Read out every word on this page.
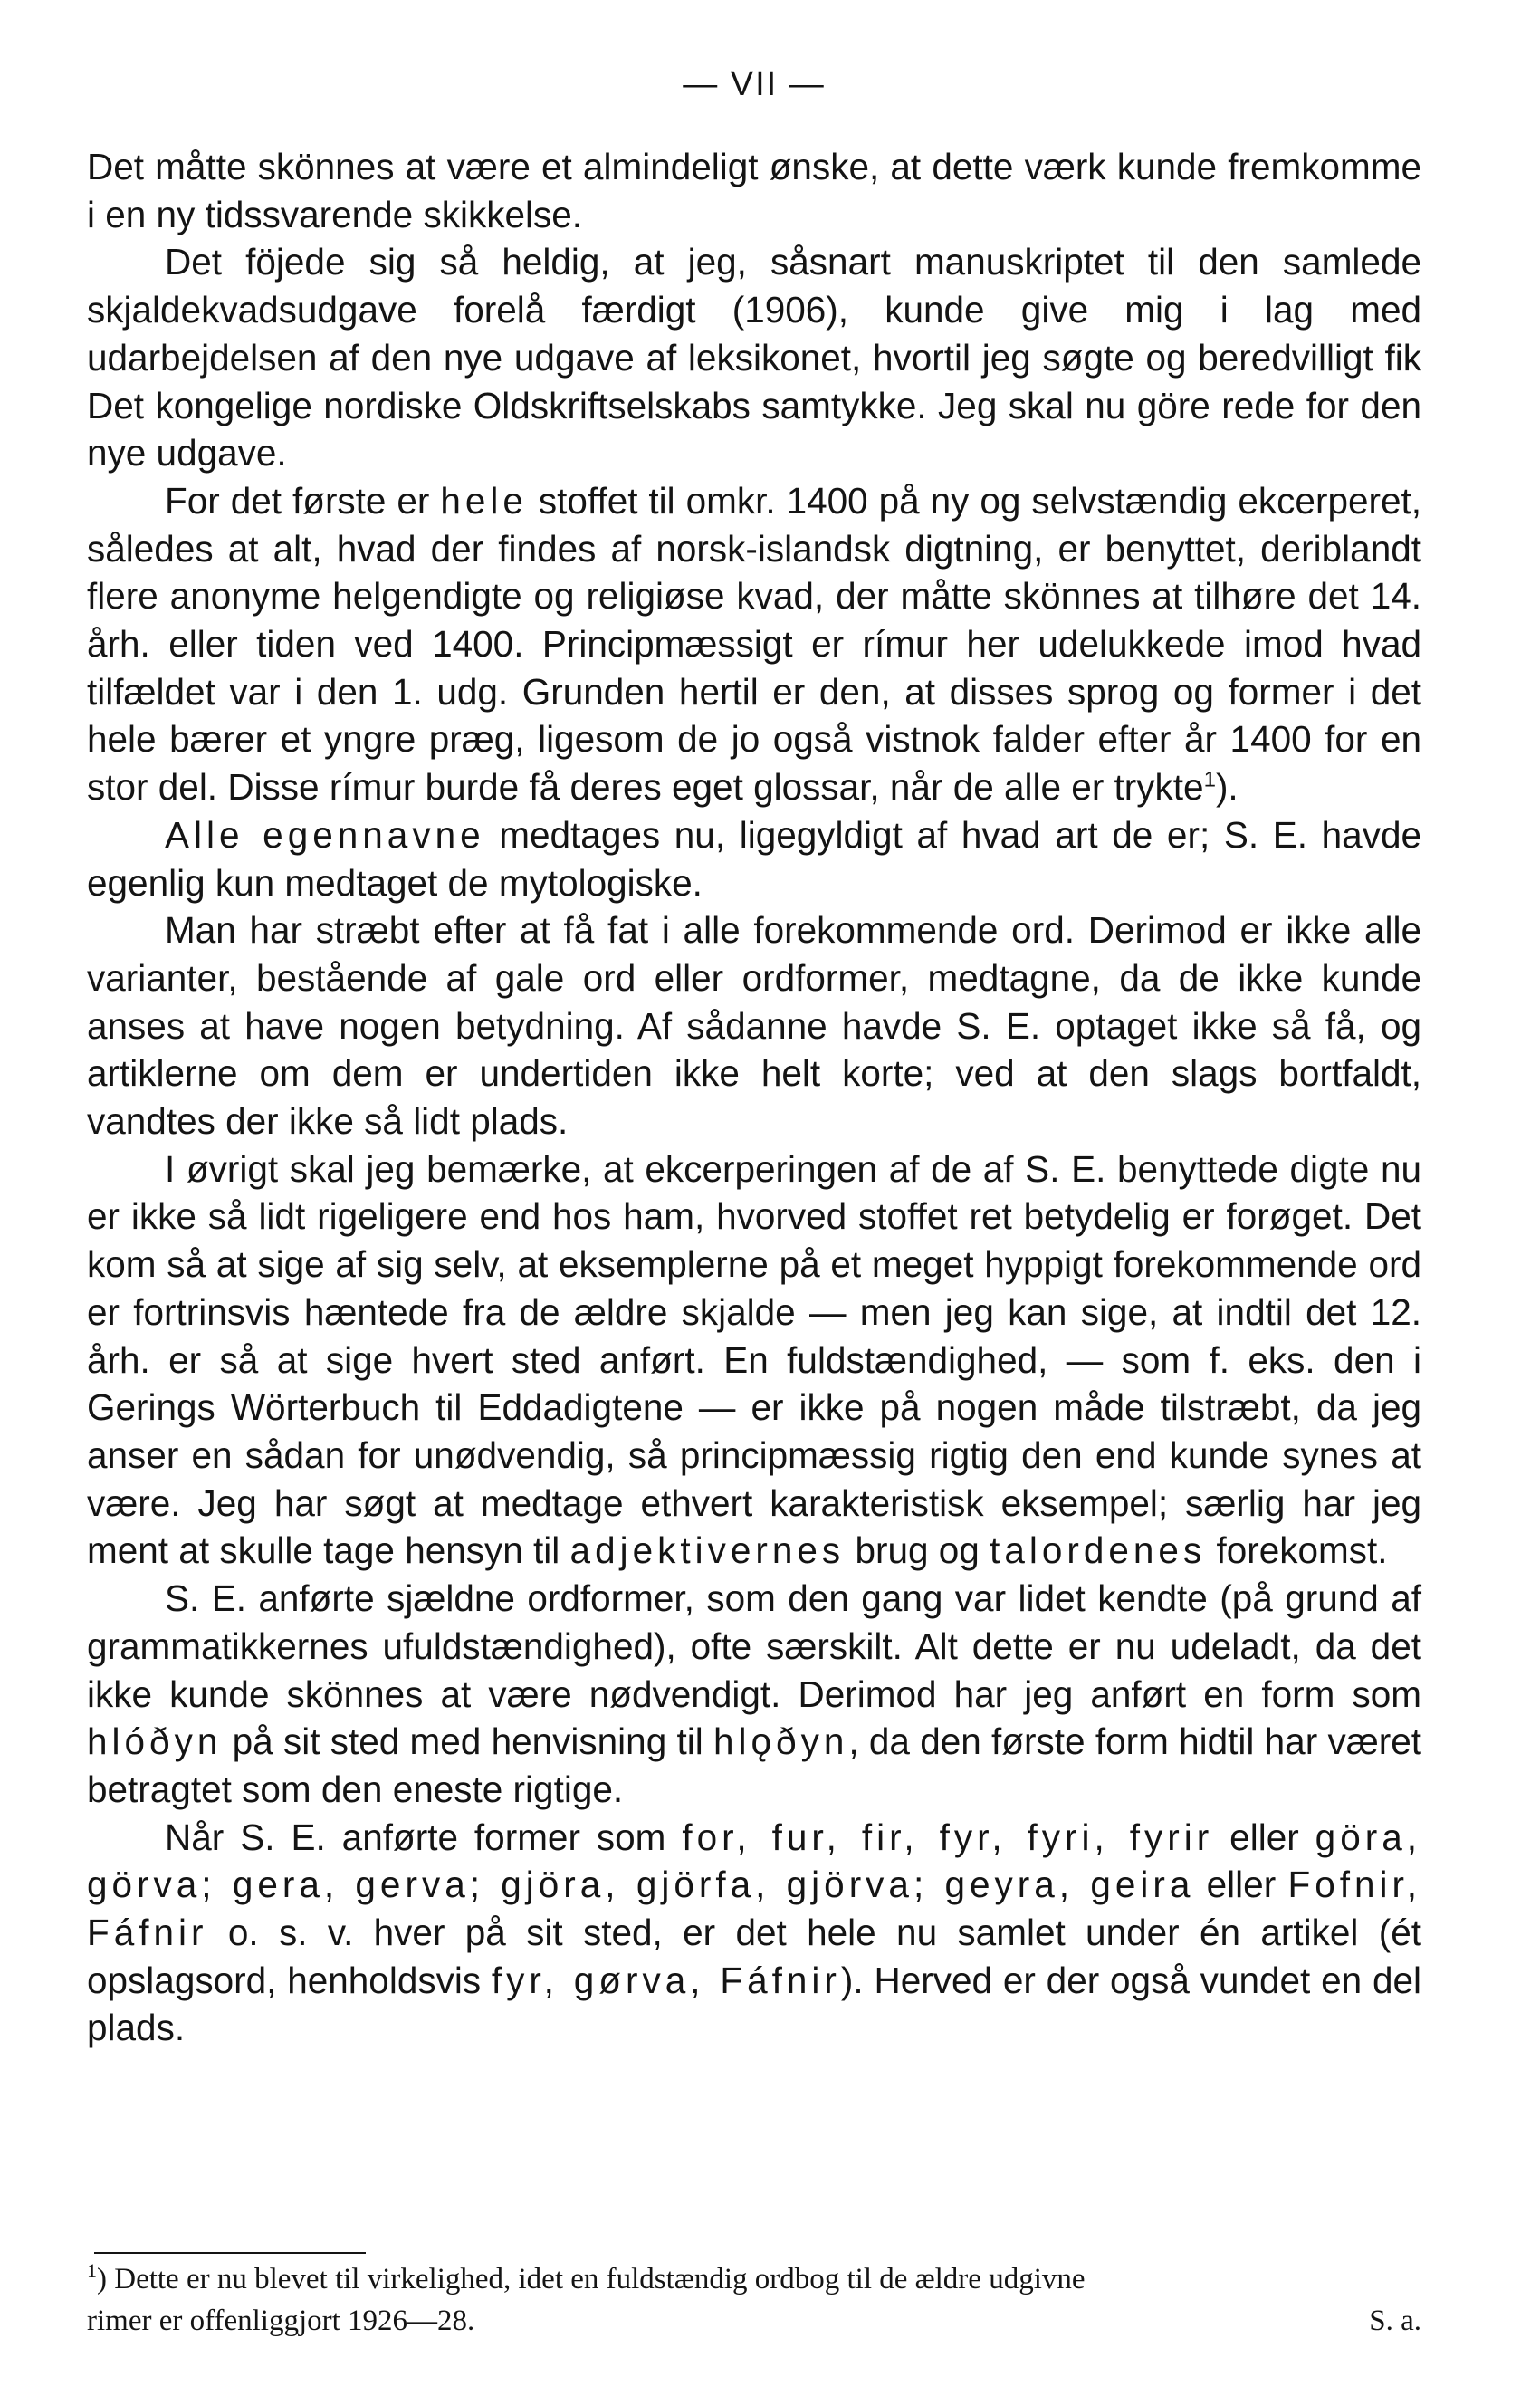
— VII —

Det måtte skönnes at være et almindeligt ønske, at dette værk kunde fremkomme i en ny tidssvarende skikkelse.

Det föjede sig så heldig, at jeg, såsnart manuskriptet til den samlede skjaldekvadsudgave forelå færdigt (1906), kunde give mig i lag med udarbejdelsen af den nye udgave af leksikonet, hvortil jeg søgte og beredvilligt fik Det kongelige nordiske Oldskriftselskabs samtykke. Jeg skal nu göre rede for den nye udgave.

For det første er hele stoffet til omkr. 1400 på ny og selvstændig ekcerperet, således at alt, hvad der findes af norsk-islandsk digtning, er benyttet, deriblandt flere anonyme helgendigte og religiøse kvad, der måtte skönnes at tilhøre det 14. årh. eller tiden ved 1400. Principmæssigt er rímur her udelukkede imod hvad tilfældet var i den 1. udg. Grunden hertil er den, at disses sprog og former i det hele bærer et yngre præg, ligesom de jo også vistnok falder efter år 1400 for en stor del. Disse rímur burde få deres eget glossar, når de alle er trykte$^1$).

Alle egennavne medtages nu, ligegyldigt af hvad art de er; S. E. havde egenlig kun medtaget de mytologiske.

Man har stræbt efter at få fat i alle forekommende ord. Derimod er ikke alle varianter, bestående af gale ord eller ordformer, medtagne, da de ikke kunde anses at have nogen betydning. Af sådanne havde S. E. optaget ikke så få, og artiklerne om dem er undertiden ikke helt korte; ved at den slags bortfaldt, vandtes der ikke så lidt plads.

I øvrigt skal jeg bemærke, at ekcerperingen af de af S. E. benyttede digte nu er ikke så lidt rigeligere end hos ham, hvorved stoffet ret betydelig er forøget. Det kom så at sige af sig selv, at eksemplerne på et meget hyppigt forekommende ord er fortrinsvis hæntede fra de ældre skjalde — men jeg kan sige, at indtil det 12. årh. er så at sige hvert sted anført. En fuldstændighed, — som f. eks. den i Gerings Wörterbuch til Eddadigtene — er ikke på nogen måde tilstræbt, da jeg anser en sådan for unødvendig, så principmæssig rigtig den end kunde synes at være. Jeg har søgt at medtage ethvert karakteristisk eksempel; særlig har jeg ment at skulle tage hensyn til adjektivernes brug og talordenes forekomst.

S. E. anførte sjældne ordformer, som den gang var lidet kendte (på grund af grammatikkernes ufuldstændighed), ofte særskilt. Alt dette er nu udeladt, da det ikke kunde skönnes at være nødvendigt. Derimod har jeg anført en form som hlóðyn på sit sted med henvisning til hlǫðyn, da den første form hidtil har været betragtet som den eneste rigtige.

Når S. E. anførte former som for, fur, fir, fyr, fyri, fyrir eller göra, görva; gera, gerva; gjöra, gjörfa, gjörva; geyra, geira eller Fofnir, Fáfnir o. s. v. hver på sit sted, er det hele nu samlet under én artikel (ét opslagsord, henholdsvis fyr, gørva, Fáfnir). Herved er der også vundet en del plads.

$^1$) Dette er nu blevet til virkelighed, idet en fuldstændig ordbog til de ældre udgivne

rimer er offenliggjort 1926—28.	S. a.
